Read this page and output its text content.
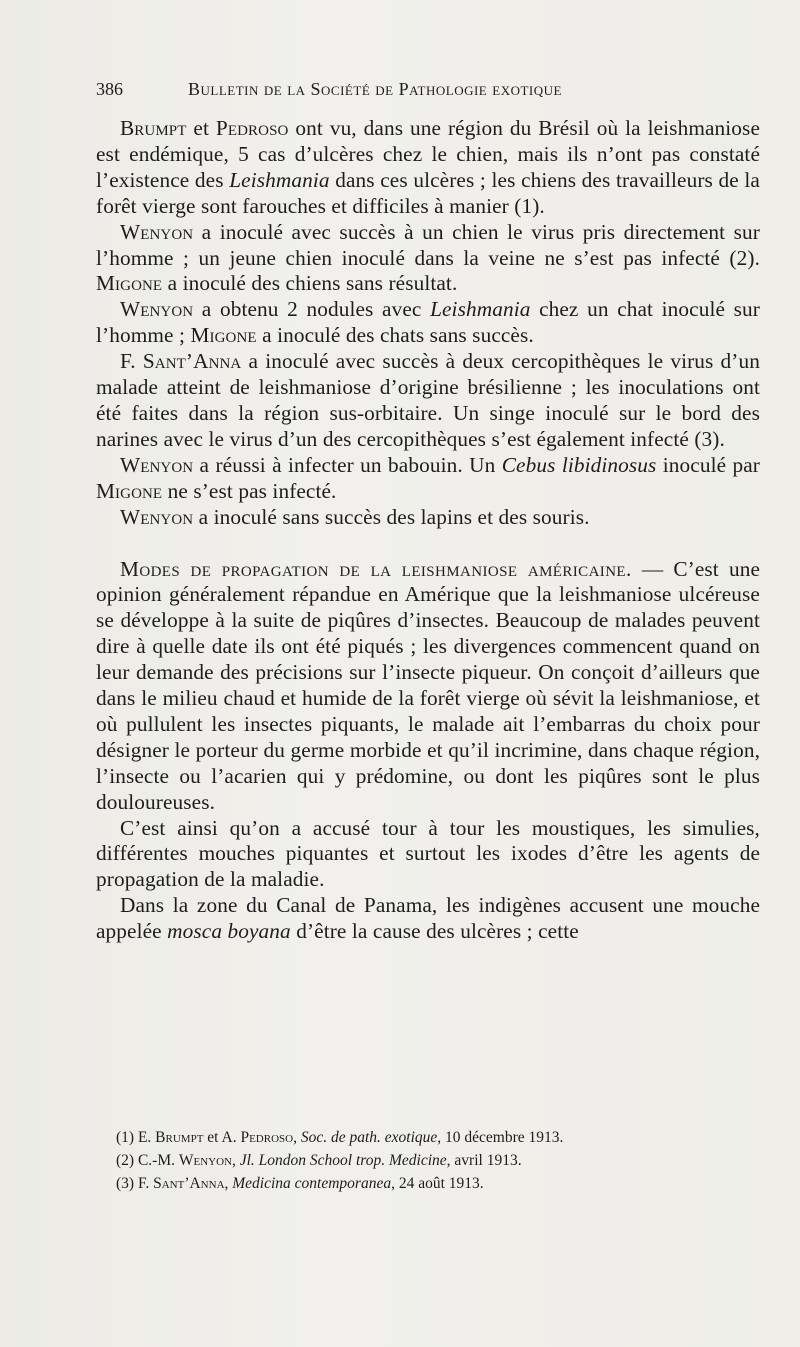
386	Bulletin de la Société de Pathologie exotique

Brumpt et Pedroso ont vu, dans une région du Brésil où la leishmaniose est endémique, 5 cas d’ulcères chez le chien, mais ils n’ont pas constaté l’existence des Leishmania dans ces ulcères ; les chiens des travailleurs de la forêt vierge sont farouches et difficiles à manier (1).

Wenyon a inoculé avec succès à un chien le virus pris directement sur l’homme ; un jeune chien inoculé dans la veine ne s’est pas infecté (2). Migone a inoculé des chiens sans résultat.

Wenyon a obtenu 2 nodules avec Leishmania chez un chat inoculé sur l’homme ; Migone a inoculé des chats sans succès.

F. Sant’Anna a inoculé avec succès à deux cercopithèques le virus d’un malade atteint de leishmaniose d’origine brésilienne ; les inoculations ont été faites dans la région sus-orbitaire. Un singe inoculé sur le bord des narines avec le virus d’un des cercopithèques s’est également infecté (3).

Wenyon a réussi à infecter un babouin. Un Cebus libidinosus inoculé par Migone ne s’est pas infecté.

Wenyon a inoculé sans succès des lapins et des souris.

Modes de propagation de la leishmaniose américaine. — C’est une opinion généralement répandue en Amérique que la leishmaniose ulcéreuse se développe à la suite de piqûres d’insectes. Beaucoup de malades peuvent dire à quelle date ils ont été piqués ; les divergences commencent quand on leur demande des précisions sur l’insecte piqueur. On conçoit d’ailleurs que dans le milieu chaud et humide de la forêt vierge où sévit la leishmaniose, et où pullulent les insectes piquants, le malade ait l’embarras du choix pour désigner le porteur du germe morbide et qu’il incrimine, dans chaque région, l’insecte ou l’acarien qui y prédomine, ou dont les piqûres sont le plus douloureuses.

C’est ainsi qu’on a accusé tour à tour les moustiques, les simulies, différentes mouches piquantes et surtout les ixodes d’être les agents de propagation de la maladie.

Dans la zone du Canal de Panama, les indigènes accusent une mouche appelée mosca boyana d’être la cause des ulcères ; cette

(1) E. Brumpt et A. Pedroso, Soc. de path. exotique, 10 décembre 1913.
(2) C.-M. Wenyon, Jl. London School trop. Medicine, avril 1913.
(3) F. Sant’Anna, Medicina contemporanea, 24 août 1913.
